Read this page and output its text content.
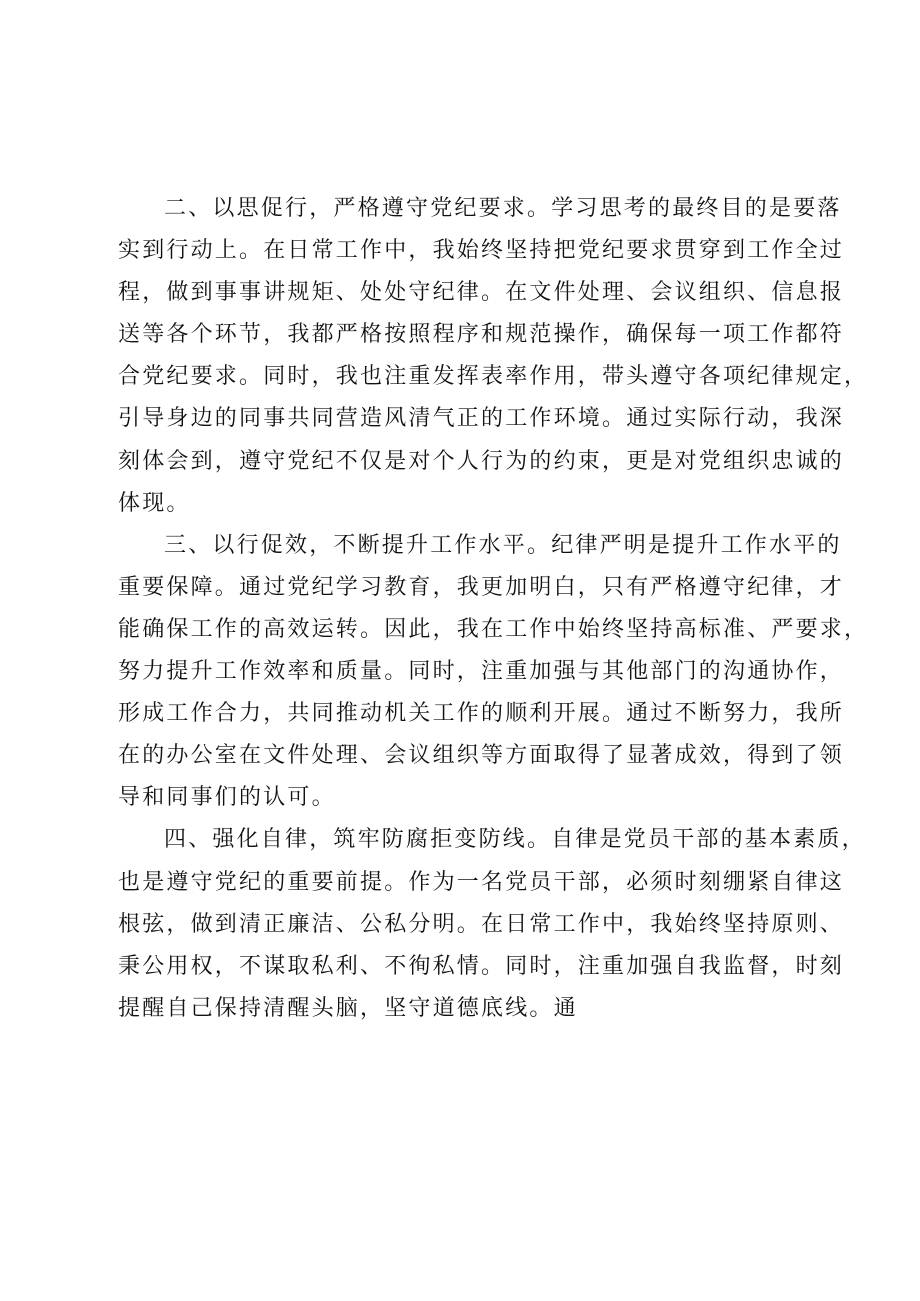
二、以思促行，严格遵守党纪要求。学习思考的最终目的是要落
实到行动上。在日常工作中，我始终坚持把党纪要求贯穿到工作全过
程，做到事事讲规矩、处处守纪律。在文件处理、会议组织、信息报
送等各个环节，我都严格按照程序和规范操作，确保每一项工作都符
合党纪要求。同时，我也注重发挥表率作用，带头遵守各项纪律规定，
引导身边的同事共同营造风清气正的工作环境。通过实际行动，我深
刻体会到，遵守党纪不仅是对个人行为的约束，更是对党组织忠诚的
体现。
三、以行促效，不断提升工作水平。纪律严明是提升工作水平的
重要保障。通过党纪学习教育，我更加明白，只有严格遵守纪律，才
能确保工作的高效运转。因此，我在工作中始终坚持高标准、严要求，
努力提升工作效率和质量。同时，注重加强与其他部门的沟通协作，
形成工作合力，共同推动机关工作的顺利开展。通过不断努力，我所
在的办公室在文件处理、会议组织等方面取得了显著成效，得到了领
导和同事们的认可。
四、强化自律，筑牢防腐拒变防线。自律是党员干部的基本素质，
也是遵守党纪的重要前提。作为一名党员干部，必须时刻绷紧自律这
根弦，做到清正廉洁、公私分明。在日常工作中，我始终坚持原则、
秉公用权，不谋取私利、不徇私情。同时，注重加强自我监督，时刻
提醒自己保持清醒头脑，坚守道德底线。通
